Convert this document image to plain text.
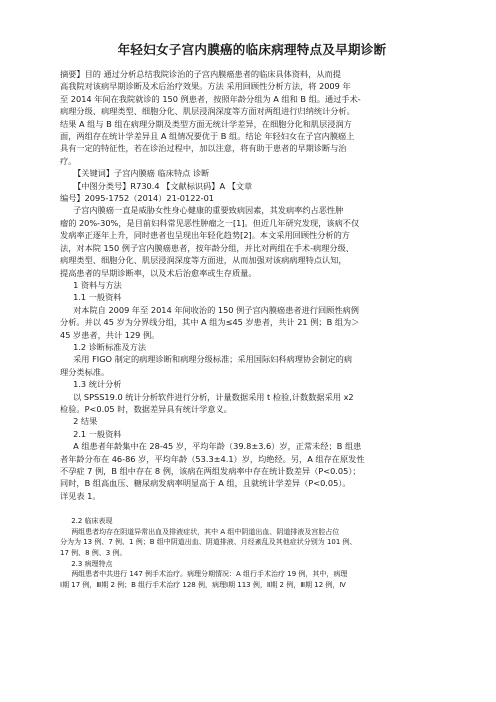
年轻妇女子宫内膜癌的临床病理特点及早期诊断

摘要】目的 通过分析总结我院诊治的子宫内膜癌患者的临床具体资料，从而提
高我院对该病早期诊断及术后治疗效果。方法 采用回顾性分析方法，将 2009 年
至 2014 年间在我院就诊的 150 例患者，按照年龄分组为 A 组和 B 组。通过手术-
病理分级、病理类型、细胞分化、肌层浸润深度等方面对两组进行归纳统计分析。
结果 A 组与 B 组在病理分期及类型方面无统计学差异，在细胞分化和肌层浸润方
面，两组存在统计学差异且 A 组情况要优于 B 组。结论 年轻妇女在子宫内膜癌上
具有一定的特征性，若在诊治过程中，加以注意，将有助于患者的早期诊断与治
疗。

【关键词】子宫内膜癌 临床特点 诊断

【中图分类号】R730.4 【文献标识码】A 【文章
编号】2095-1752（2014）21-0122-01

子宫内膜癌一直是威胁女性身心健康的重要致病因素，其发病率约占恶性肿
瘤的 20%-30%，是目前妇科常见恶性肿瘤之一[1]。但近几年研究发现，该病不仅
发病率正逐年上升，同时患者也呈现出年轻化趋势[2]。本文采用回顾性分析的方
法，对本院 150 例子宫内膜癌患者，按年龄分组，并比对两组在手术-病理分级、
病理类型、细胞分化、肌层浸润深度等方面进，从而加强对该病病理特点认知，
提高患者的早期诊断率，以及术后治愈率或生存质量。

1 资料与方法

1.1 一般资料

对本院自 2009 年至 2014 年间收治的 150 例子宫内膜癌患者进行回顾性病例
分析。并以 45 岁为分界线分组，其中 A 组为≤45 岁患者，共计 21 例；B 组为＞
45 岁患者，共计 129 例。

1.2 诊断标准及方法

采用 FIGO 制定的病理诊断和病理分级标准；采用国际妇科病理协会制定的病
理分类标准。

1.3 统计分析

以 SPSS19.0 统计分析软件进行分析，计量数据采用 t 检验,计数数据采用 x2
检验。P<0.05 时，数据差异具有统计学意义。

2 结果

2.1 一般资料

A 组患者年龄集中在 28-45 岁，平均年龄（39.8±3.6）岁，正常未经；B 组患
者年龄分布在 46-86 岁，平均年龄（53.3±4.1）岁，均绝经。另，A 组存在原发性
不孕症 7 例，B 组中存在 8 例，该病在两组发病率中存在统计数差异（P<0.05）；
同时，B 组高血压、糖尿病发病率明显高于 A 组，且就统计学差异（P<0.05）。
详见表 1。

2.2 临床表现

两组患者均存在阴道异常出血及排液症状，其中 A 组中阴道出血、阴道排液及宫腔占位
分为为 13 例、7 例、1 例；B 组中阴道出血、阴道排液、月经紊乱及其他症状分别为 101 例、
17 例、8 例、3 例。

2.3 病理特点

两组患者中共进行 147 例手术治疗。病理分期情况：A 组行手术治疗 19 例，其中，病理
Ⅰ期 17 例，Ⅲ期 2 例；B 组行手术治疗 128 例，病理Ⅰ期 113 例，Ⅱ期 2 例，Ⅲ期 12 例，Ⅳ
